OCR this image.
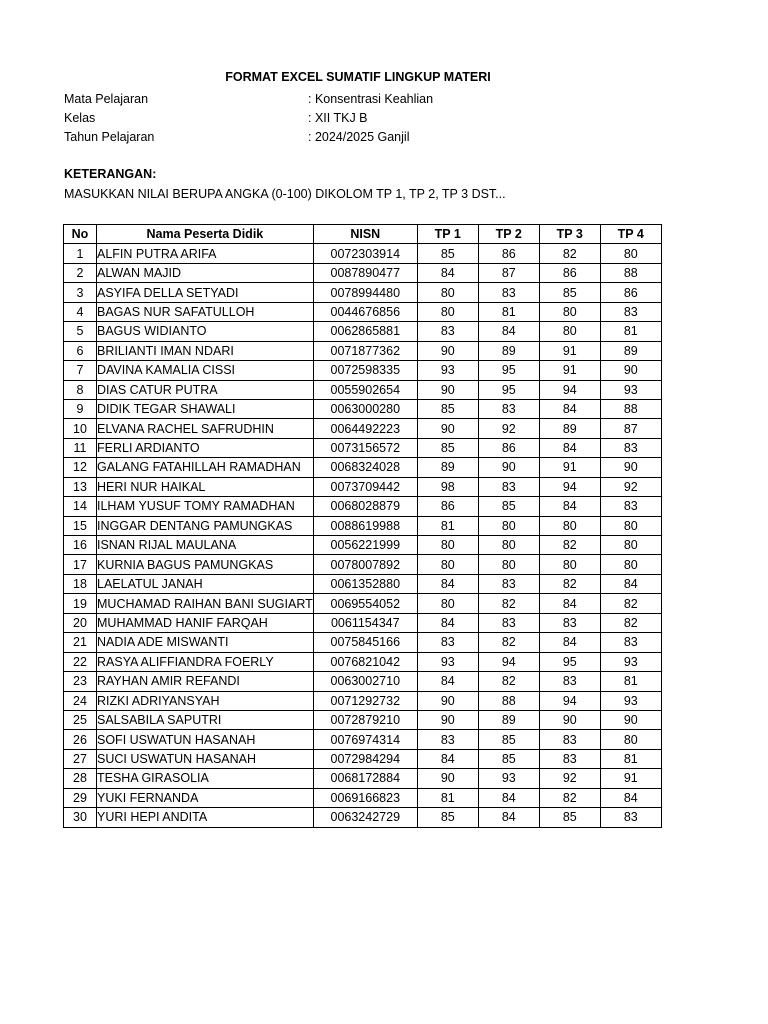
FORMAT EXCEL SUMATIF LINGKUP MATERI
Mata Pelajaran	: Konsentrasi Keahlian
Kelas	: XII TKJ B
Tahun Pelajaran	: 2024/2025 Ganjil
KETERANGAN:
MASUKKAN NILAI BERUPA ANGKA (0-100) DIKOLOM TP 1, TP 2, TP 3 DST...
No	Nama Peserta Didik	NISN	TP 1	TP 2	TP 3	TP 4
1	ALFIN PUTRA ARIFA	0072303914	85	86	82	80
2	ALWAN MAJID	0087890477	84	87	86	88
3	ASYIFA DELLA SETYADI	0078994480	80	83	85	86
4	BAGAS NUR SAFATULLOH	0044676856	80	81	80	83
5	BAGUS WIDIANTO	0062865881	83	84	80	81
6	BRILIANTI IMAN NDARI	0071877362	90	89	91	89
7	DAVINA KAMALIA CISSI	0072598335	93	95	91	90
8	DIAS CATUR PUTRA	0055902654	90	95	94	93
9	DIDIK TEGAR SHAWALI	0063000280	85	83	84	88
10	ELVANA RACHEL SAFRUDHIN	0064492223	90	92	89	87
11	FERLI ARDIANTO	0073156572	85	86	84	83
12	GALANG FATAHILLAH RAMADHAN	0068324028	89	90	91	90
13	HERI NUR HAIKAL	0073709442	98	83	94	92
14	ILHAM YUSUF TOMY RAMADHAN	0068028879	86	85	84	83
15	INGGAR DENTANG PAMUNGKAS	0088619988	81	80	80	80
16	ISNAN RIJAL MAULANA	0056221999	80	80	82	80
17	KURNIA BAGUS PAMUNGKAS	0078007892	80	80	80	80
18	LAELATUL JANAH	0061352880	84	83	82	84
19	MUCHAMAD RAIHAN BANI SUGIART	0069554052	80	82	84	82
20	MUHAMMAD HANIF FARQAH	0061154347	84	83	83	82
21	NADIA ADE MISWANTI	0075845166	83	82	84	83
22	RASYA ALIFFIANDRA FOERLY	0076821042	93	94	95	93
23	RAYHAN AMIR REFANDI	0063002710	84	82	83	81
24	RIZKI ADRIYANSYAH	0071292732	90	88	94	93
25	SALSABILA SAPUTRI	0072879210	90	89	90	90
26	SOFI USWATUN HASANAH	0076974314	83	85	83	80
27	SUCI USWATUN HASANAH	0072984294	84	85	83	81
28	TESHA GIRASOLIA	0068172884	90	93	92	91
29	YUKI FERNANDA	0069166823	81	84	82	84
30	YURI HEPI ANDITA	0063242729	85	84	85	83
